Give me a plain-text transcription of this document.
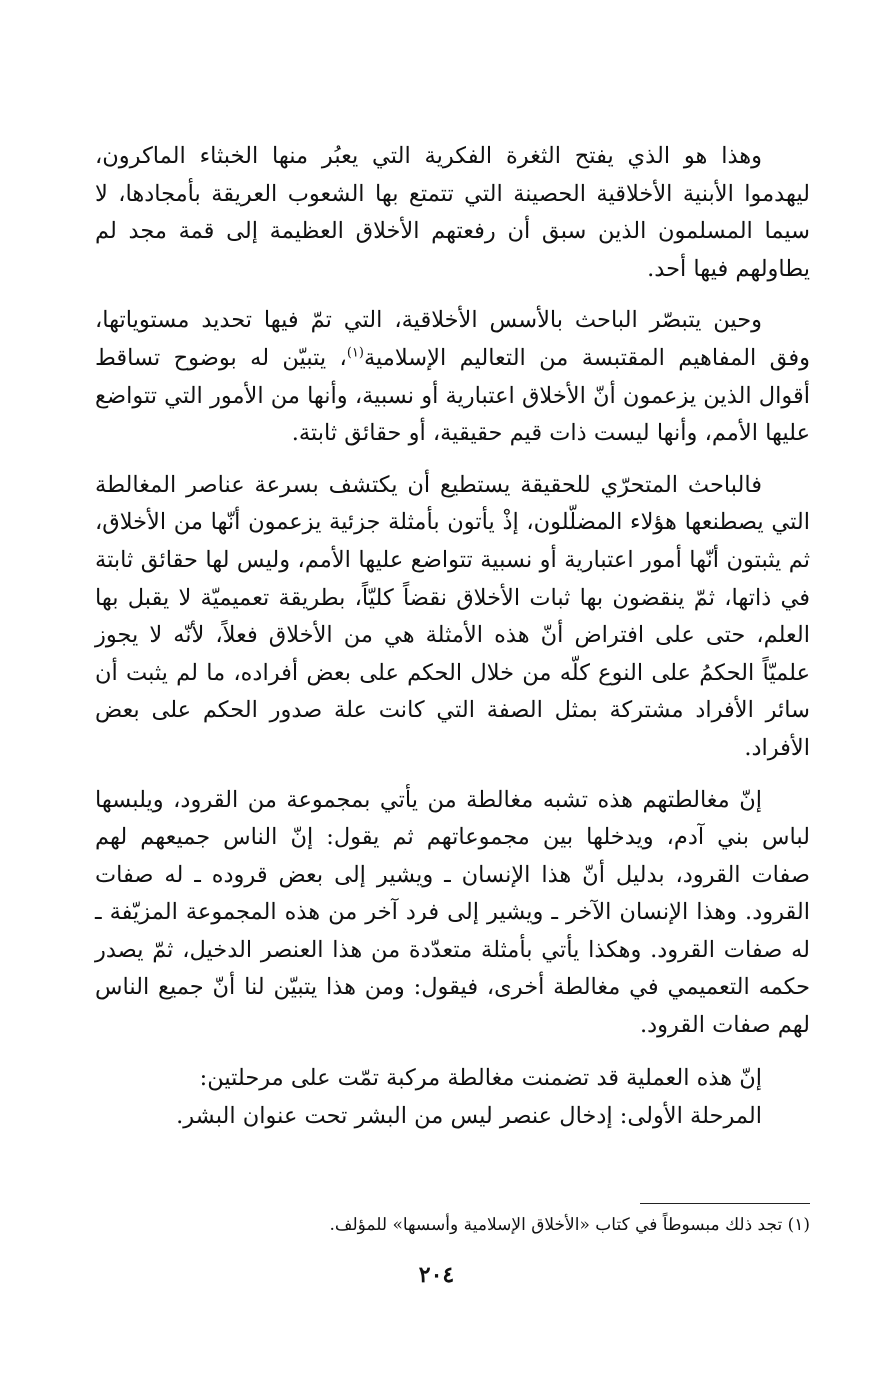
وهذا هو الذي يفتح الثغرة الفكرية التي يعبُر منها الخبثاء الماكرون، ليهدموا الأبنية الأخلاقية الحصينة التي تتمتع بها الشعوب العريقة بأمجادها، لا سيما المسلمون الذين سبق أن رفعتهم الأخلاق العظيمة إلى قمة مجد لم يطاولهم فيها أحد.

وحين يتبصّر الباحث بالأسس الأخلاقية، التي تمّ فيها تحديد مستوياتها، وفق المفاهيم المقتبسة من التعاليم الإسلامية$^{(١)}$، يتبيّن له بوضوح تساقط أقوال الذين يزعمون أنّ الأخلاق اعتبارية أو نسبية، وأنها من الأمور التي تتواضع عليها الأمم، وأنها ليست ذات قيم حقيقية، أو حقائق ثابتة.

فالباحث المتحرّي للحقيقة يستطيع أن يكتشف بسرعة عناصر المغالطة التي يصطنعها هؤلاء المضلّلون، إذْ يأتون بأمثلة جزئية يزعمون أنّها من الأخلاق، ثم يثبتون أنّها أمور اعتبارية أو نسبية تتواضع عليها الأمم، وليس لها حقائق ثابتة في ذاتها، ثمّ ينقضون بها ثبات الأخلاق نقضاً كليّاً، بطريقة تعميميّة لا يقبل بها العلم، حتى على افتراض أنّ هذه الأمثلة هي من الأخلاق فعلاً، لأنّه لا يجوز علميّاً الحكمُ على النوع كلّه من خلال الحكم على بعض أفراده، ما لم يثبت أن سائر الأفراد مشتركة بمثل الصفة التي كانت علة صدور الحكم على بعض الأفراد.

إنّ مغالطتهم هذه تشبه مغالطة من يأتي بمجموعة من القرود، ويلبسها لباس بني آدم، ويدخلها بين مجموعاتهم ثم يقول: إنّ الناس جميعهم لهم صفات القرود، بدليل أنّ هذا الإنسان ـ ويشير إلى بعض قروده ـ له صفات القرود. وهذا الإنسان الآخر ـ ويشير إلى فرد آخر من هذه المجموعة المزيّفة ـ له صفات القرود. وهكذا يأتي بأمثلة متعدّدة من هذا العنصر الدخيل، ثمّ يصدر حكمه التعميمي في مغالطة أخرى، فيقول: ومن هذا يتبيّن لنا أنّ جميع الناس لهم صفات القرود.

إنّ هذه العملية قد تضمنت مغالطة مركبة تمّت على مرحلتين:

المرحلة الأولى: إدخال عنصر ليس من البشر تحت عنوان البشر.

(١) تجد ذلك مبسوطاً في كتاب «الأخلاق الإسلامية وأسسها» للمؤلف.
٢٠٤
